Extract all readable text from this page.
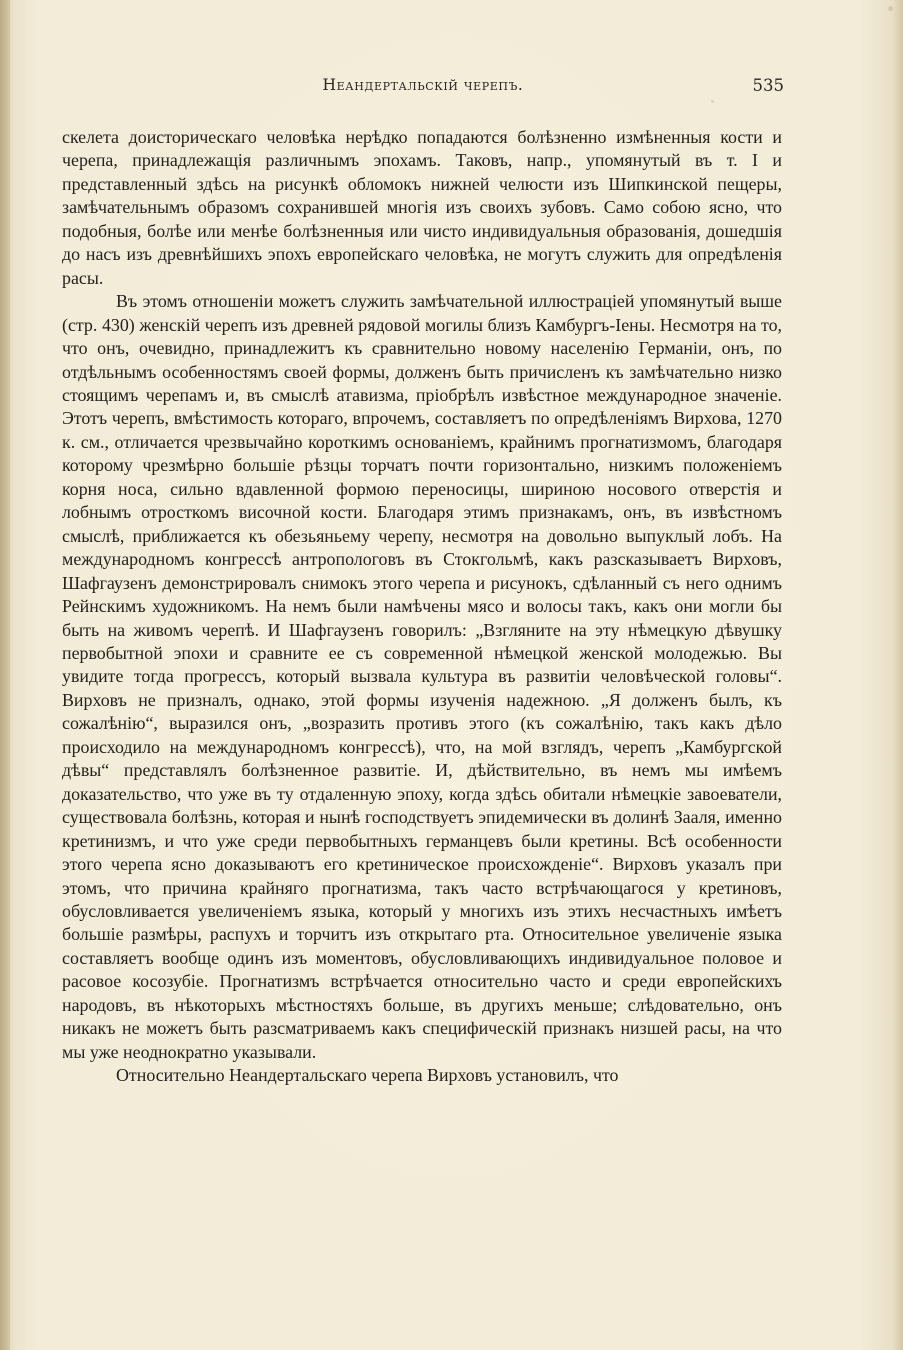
Неандертальскій черепъ.	535

скелета доисторическаго человѣка нерѣдко попадаются болѣзненно измѣненныя кости и черепа, принадлежащія различнымъ эпохамъ. Таковъ, напр., упомянутый въ т. I и представленный здѣсь на рисункѣ обломокъ нижней челюсти изъ Шипкинской пещеры, замѣчательнымъ образомъ сохранившей многія изъ своихъ зубовъ. Само собою ясно, что подобныя, болѣе или менѣе болѣзненныя или чисто индивидуальныя образованія, дошедшія до насъ изъ древнѣйшихъ эпохъ европейскаго человѣка, не могутъ служить для опредѣленія расы.

Въ этомъ отношеніи можетъ служить замѣчательной иллюстраціей упомянутый выше (стр. 430) женскій черепъ изъ древней рядовой могилы близъ Камбургъ-Іены. Несмотря на то, что онъ, очевидно, принадлежитъ къ сравнительно новому населенію Германіи, онъ, по отдѣльнымъ особенностямъ своей формы, долженъ быть причисленъ къ замѣчательно низко стоящимъ черепамъ и, въ смыслѣ атавизма, пріобрѣлъ извѣстное международное значеніе. Этотъ черепъ, вмѣстимость котораго, впрочемъ, составляетъ по опредѣленіямъ Вирхова, 1270 к. см., отличается чрезвычайно короткимъ основаніемъ, крайнимъ прогнатизмомъ, благодаря которому чрезмѣрно большіе рѣзцы торчатъ почти горизонтально, низкимъ положеніемъ корня носа, сильно вдавленной формою переносицы, шириною носового отверстія и лобнымъ отросткомъ височной кости. Благодаря этимъ признакамъ, онъ, въ извѣстномъ смыслѣ, приближается къ обезьяньему черепу, несмотря на довольно выпуклый лобъ. На международномъ конгрессѣ антропологовъ въ Стокгольмѣ, какъ разсказываетъ Вирховъ, Шафгаузенъ демонстрировалъ снимокъ этого черепа и рисунокъ, сдѣланный съ него однимъ Рейнскимъ художникомъ. На немъ были намѣчены мясо и волосы такъ, какъ они могли бы быть на живомъ черепѣ. И Шафгаузенъ говорилъ: „Взгляните на эту нѣмецкую дѣвушку первобытной эпохи и сравните ее съ современной нѣмецкой женской молодежью. Вы увидите тогда прогрессъ, который вызвала культура въ развитіи человѣческой головы“. Вирховъ не призналъ, однако, этой формы изученія надежною. „Я долженъ былъ, къ сожалѣнію“, выразился онъ, „возразить противъ этого (къ сожалѣнію, такъ какъ дѣло происходило на международномъ конгрессѣ), что, на мой взглядъ, черепъ „Камбургской дѣвы“ представлялъ болѣзненное развитіе. И, дѣйствительно, въ немъ мы имѣемъ доказательство, что уже въ ту отдаленную эпоху, когда здѣсь обитали нѣмецкіе завоеватели, существовала болѣзнь, которая и нынѣ господствуетъ эпидемически въ долинѣ Зааля, именно кретинизмъ, и что уже среди первобытныхъ германцевъ были кретины. Всѣ особенности этого черепа ясно доказываютъ его кретиническое происхожденіе“. Вирховъ указалъ при этомъ, что причина крайняго прогнатизма, такъ часто встрѣчающагося у кретиновъ, обусловливается увеличеніемъ языка, который у многихъ изъ этихъ несчастныхъ имѣетъ большіе размѣры, распухъ и торчитъ изъ открытаго рта. Относительное увеличеніе языка составляетъ вообще одинъ изъ моментовъ, обусловливающихъ индивидуальное половое и расовое косозубіе. Прогнатизмъ встрѣчается относительно часто и среди европейскихъ народовъ, въ нѣкоторыхъ мѣстностяхъ больше, въ другихъ меньше; слѣдовательно, онъ никакъ не можетъ быть разсматриваемъ какъ специфическій признакъ низшей расы, на что мы уже неоднократно указывали.

Относительно Неандертальскаго черепа Вирховъ установилъ, что
